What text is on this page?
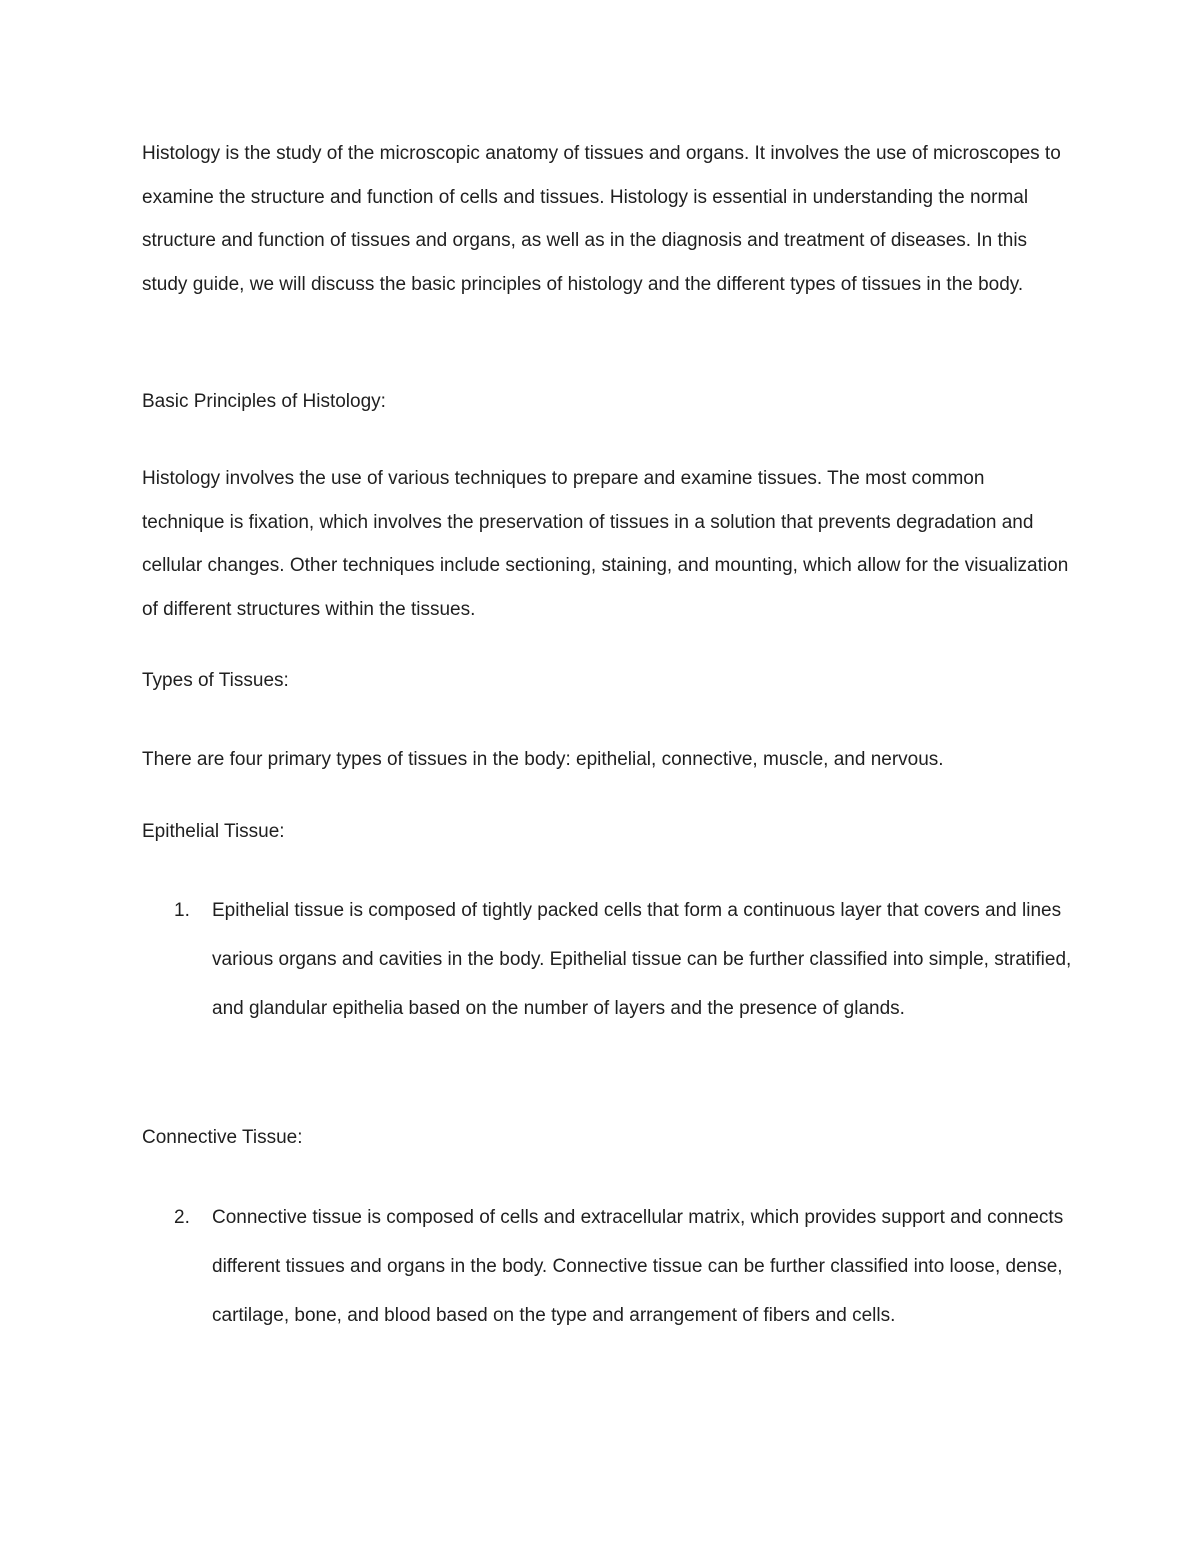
Histology is the study of the microscopic anatomy of tissues and organs. It involves the use of microscopes to examine the structure and function of cells and tissues. Histology is essential in understanding the normal structure and function of tissues and organs, as well as in the diagnosis and treatment of diseases. In this study guide, we will discuss the basic principles of histology and the different types of tissues in the body.

Basic Principles of Histology:

Histology involves the use of various techniques to prepare and examine tissues. The most common technique is fixation, which involves the preservation of tissues in a solution that prevents degradation and cellular changes. Other techniques include sectioning, staining, and mounting, which allow for the visualization of different structures within the tissues.

Types of Tissues:

There are four primary types of tissues in the body: epithelial, connective, muscle, and nervous.

Epithelial Tissue:

1. Epithelial tissue is composed of tightly packed cells that form a continuous layer that covers and lines various organs and cavities in the body. Epithelial tissue can be further classified into simple, stratified, and glandular epithelia based on the number of layers and the presence of glands.

Connective Tissue:

2. Connective tissue is composed of cells and extracellular matrix, which provides support and connects different tissues and organs in the body. Connective tissue can be further classified into loose, dense, cartilage, bone, and blood based on the type and arrangement of fibers and cells.
